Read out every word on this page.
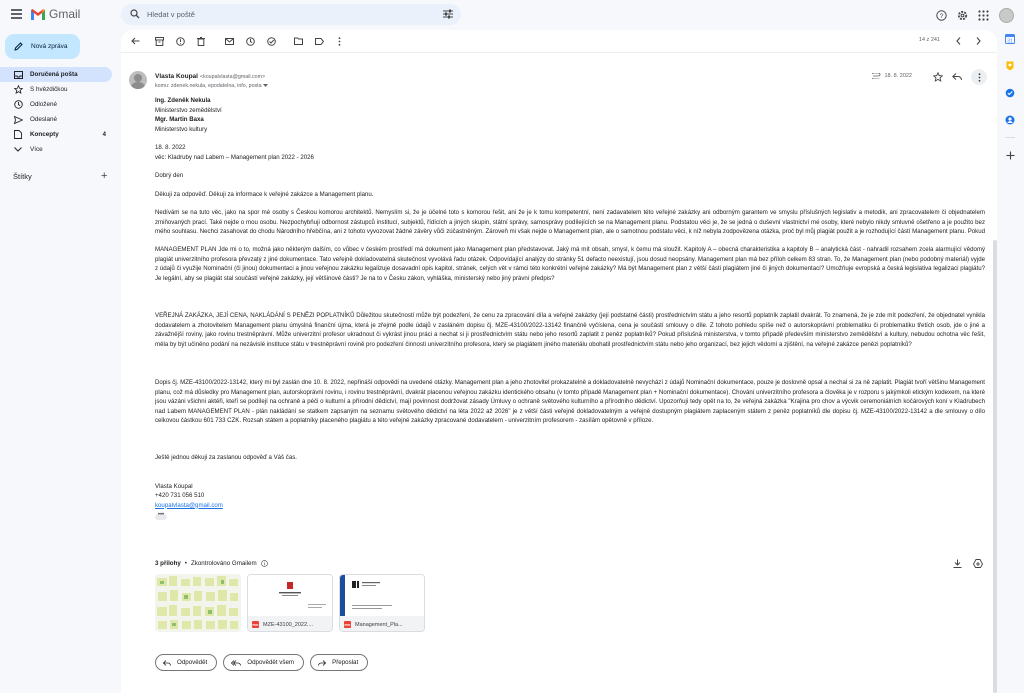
Gmail
Hledat v poště	?
Nová zpráva
Doručená pošta
S hvězdičkou
Odložené
Odeslané
Koncepty	4
Více
Štítky	+
14 z 241
Vlasta Koupal <koupalvlasta@gmail.com>
komu: zdenek.nekula, epodatelna, info, posta
18. 8. 2022

Ing. Zdeněk Nekula

Ministerstvo zemědělství

Mgr. Martin Baxa

Ministerstvo kultury

18. 8. 2022

věc: Kladruby nad Labem – Management plan 2022 - 2026

Dobrý den

Děkuji za odpověď. Děkuji za informace k veřejné zakázce a Management planu.

Nedívám se na tuto věc, jako na spor mé osoby s Českou komorou architektů. Nemyslím si, že je účelné toto s komorou řešit, ani že je k tomu kompetentní, není zadavatelem této veřejné zakázky ani odborným garantem ve smyslu příslušných legislativ a metodik, ani zpracovatelem či objednatelem zmiňovaných prací. Také nejde o mou osobu. Nezpochybňuji odbornost zástupců institucí, subjektů, řídících a jiných skupin, státní správy, samosprávy podílejících se na Management planu. Podstatou věci je, že se jedná o duševní vlastnictví mé osoby, které nebylo nikdy smluvně ošetřeno a je použito bez mého souhlasu. Nechci zasahovat do chodu Národního hřebčína, ani z tohoto vyvozovat žádné závěry vůči zúčastněným. Zároveň mi však nejde o Management plan, ale o samotnou podstatu věci, k níž nebyla zodpovězena otázka, proč byl můj plagiát použit a je rozhodující částí Management planu. Pokud

MANAGEMENT PLAN Jde mi o to, možná jako některým dalším, co vůbec v českém prostředí má dokument jako Management plan představovat. Jaký má mít obsah, smysl, k čemu má sloužit. Kapitoly A – obecná charakteristika a kapitoly B – analytická část - nahradil rozsahem zcela alarmující vědomý plagiát univerzitního profesora převzatý z jiné dokumentace. Tato veřejně dokladovatelná skutečnost vyvolává řadu otázek. Odpovídající analýzy do stránky 51 defacto neexistují, jsou dosud neopsány. Management plan má bez příloh celkem 83 stran. To, že Management plan (nebo podobný materiál) vyjde z údajů či využije Nominační (či jinou) dokumentaci a jinou veřejnou zakázku legalizuje dosavadní opis kapitol, stránek, celých vět v rámci této konkrétní veřejné zakázky? Má být Management plan z větší části plagiátem jiné či jiných dokumentací? Umožňuje evropská a česká legislativa legalizaci plagiátu? Je legální, aby se plagiát stal součástí veřejné zakázky, její většinové části? Je na to v Česku zákon, vyhláška, ministerský nebo jiný právní předpis?

VEŘEJNÁ ZAKÁZKA, JEJÍ CENA, NAKLÁDÁNÍ S PENĚZI POPLATNÍKŮ Důležitou skutečností může být podezření, že cenu za zpracování díla a veřejné zakázky (její podstatné části) prostřednictvím státu a jeho resortů poplatník zaplatil dvakrát. To znamená, že je zde mít podezření, že objednatel vynikla dodavatelem a zhotovitelem Management planu úmyslná finanční újma, která je zřejmě podle údajů v zasláném dopisu čj. MZE-43100/2022-13142 finančně vyčíslena, cena je součástí smlouvy o díle. Z tohoto pohledu spíše než o autorskoprávní problematiku či problematiku třetích osob, jde o jiné a závažnější roviny, jako rovinu trestněprávní. Může univerzitní profesor ukradnout či vykrást jinou práci a nechat si ji prostřednictvím státu nebo jeho resortů zaplatit z peněz poplatníků? Pokud příslušná ministerstva, v tomto případě především ministerstvo zemědělství a kultury, nebudou ochotna věc řešit, měla by být učiněno podání na nezávislé instituce státu v trestněprávní rovině pro podezření činnosti univerzitního profesora, který se plagiátem jiného materiálu obohatil prostřednictvím státu nebo jeho organizací, bez jejich vědomí a zjištění, na veřejné zakázce penězi poplatníků?

Dopis čj. MZE-43100/2022-13142, který mi byl zaslán dne 10. 8. 2022, nepřináší odpovědi na uvedené otázky. Management plan a jeho zhotovitel prokazatelně a dokladovatelně nevychází z údajů Nominační dokumentace, pouze je doslovně opsal a nechal si za ně zaplatit. Plagiát tvoří většinu Management planu, což má důsledky pro Management plan, autorskoprávní rovinu, i rovinu trestněprávní, dvakrát placenou veřejnou zakázku identického obsahu (v tomto případě Management plan + Nominační dokumentace). Chování univerzitního profesora a člověka je v rozporu s jakýmkoli etickým kodexem, na které jsou vázáni všichni aktéři, kteří se podílejí na ochraně a péči o kulturní a přírodní dědictví, mají povinnost dodržovat zásady Úmluvy o ochraně světového kulturního a přírodního dědictví. Upozorňuji tedy opět na to, že veřejná zakázka "Krajina pro chov a výcvik ceremoniálních kočárových koní v Kladrubech nad Labem MANAGEMENT PLAN - plán nakládání se statkem zapsaným na seznamu světového dědictví na léta 2022 až 2026" je z větší části veřejně dokladovatelným a veřejně dostupným plagiátem zaplaceným státem z peněz poplatníků dle dopisu čj. MZE-43100/2022-13142 a dle smlouvy o dílo celkovou částkou 601 733 CZK. Rozsah státem a poplatníky placeného plagiátu a této veřejné zakázky zpracované dodavatelem - univerzitním profesorem - zasílám opětovně v příloze.

Ještě jednou děkuji za zaslanou odpověď a Váš čas.

Vlasta Koupal

+420 731 056 510

koupalvlasta@gmail.com

•••

3 přílohy • Zkontrolováno Gmailem
PDF MZE-43100_2022....	PDF Management_Pla...
Odpovědět	Odpovědět všem	Přeposlat
31
